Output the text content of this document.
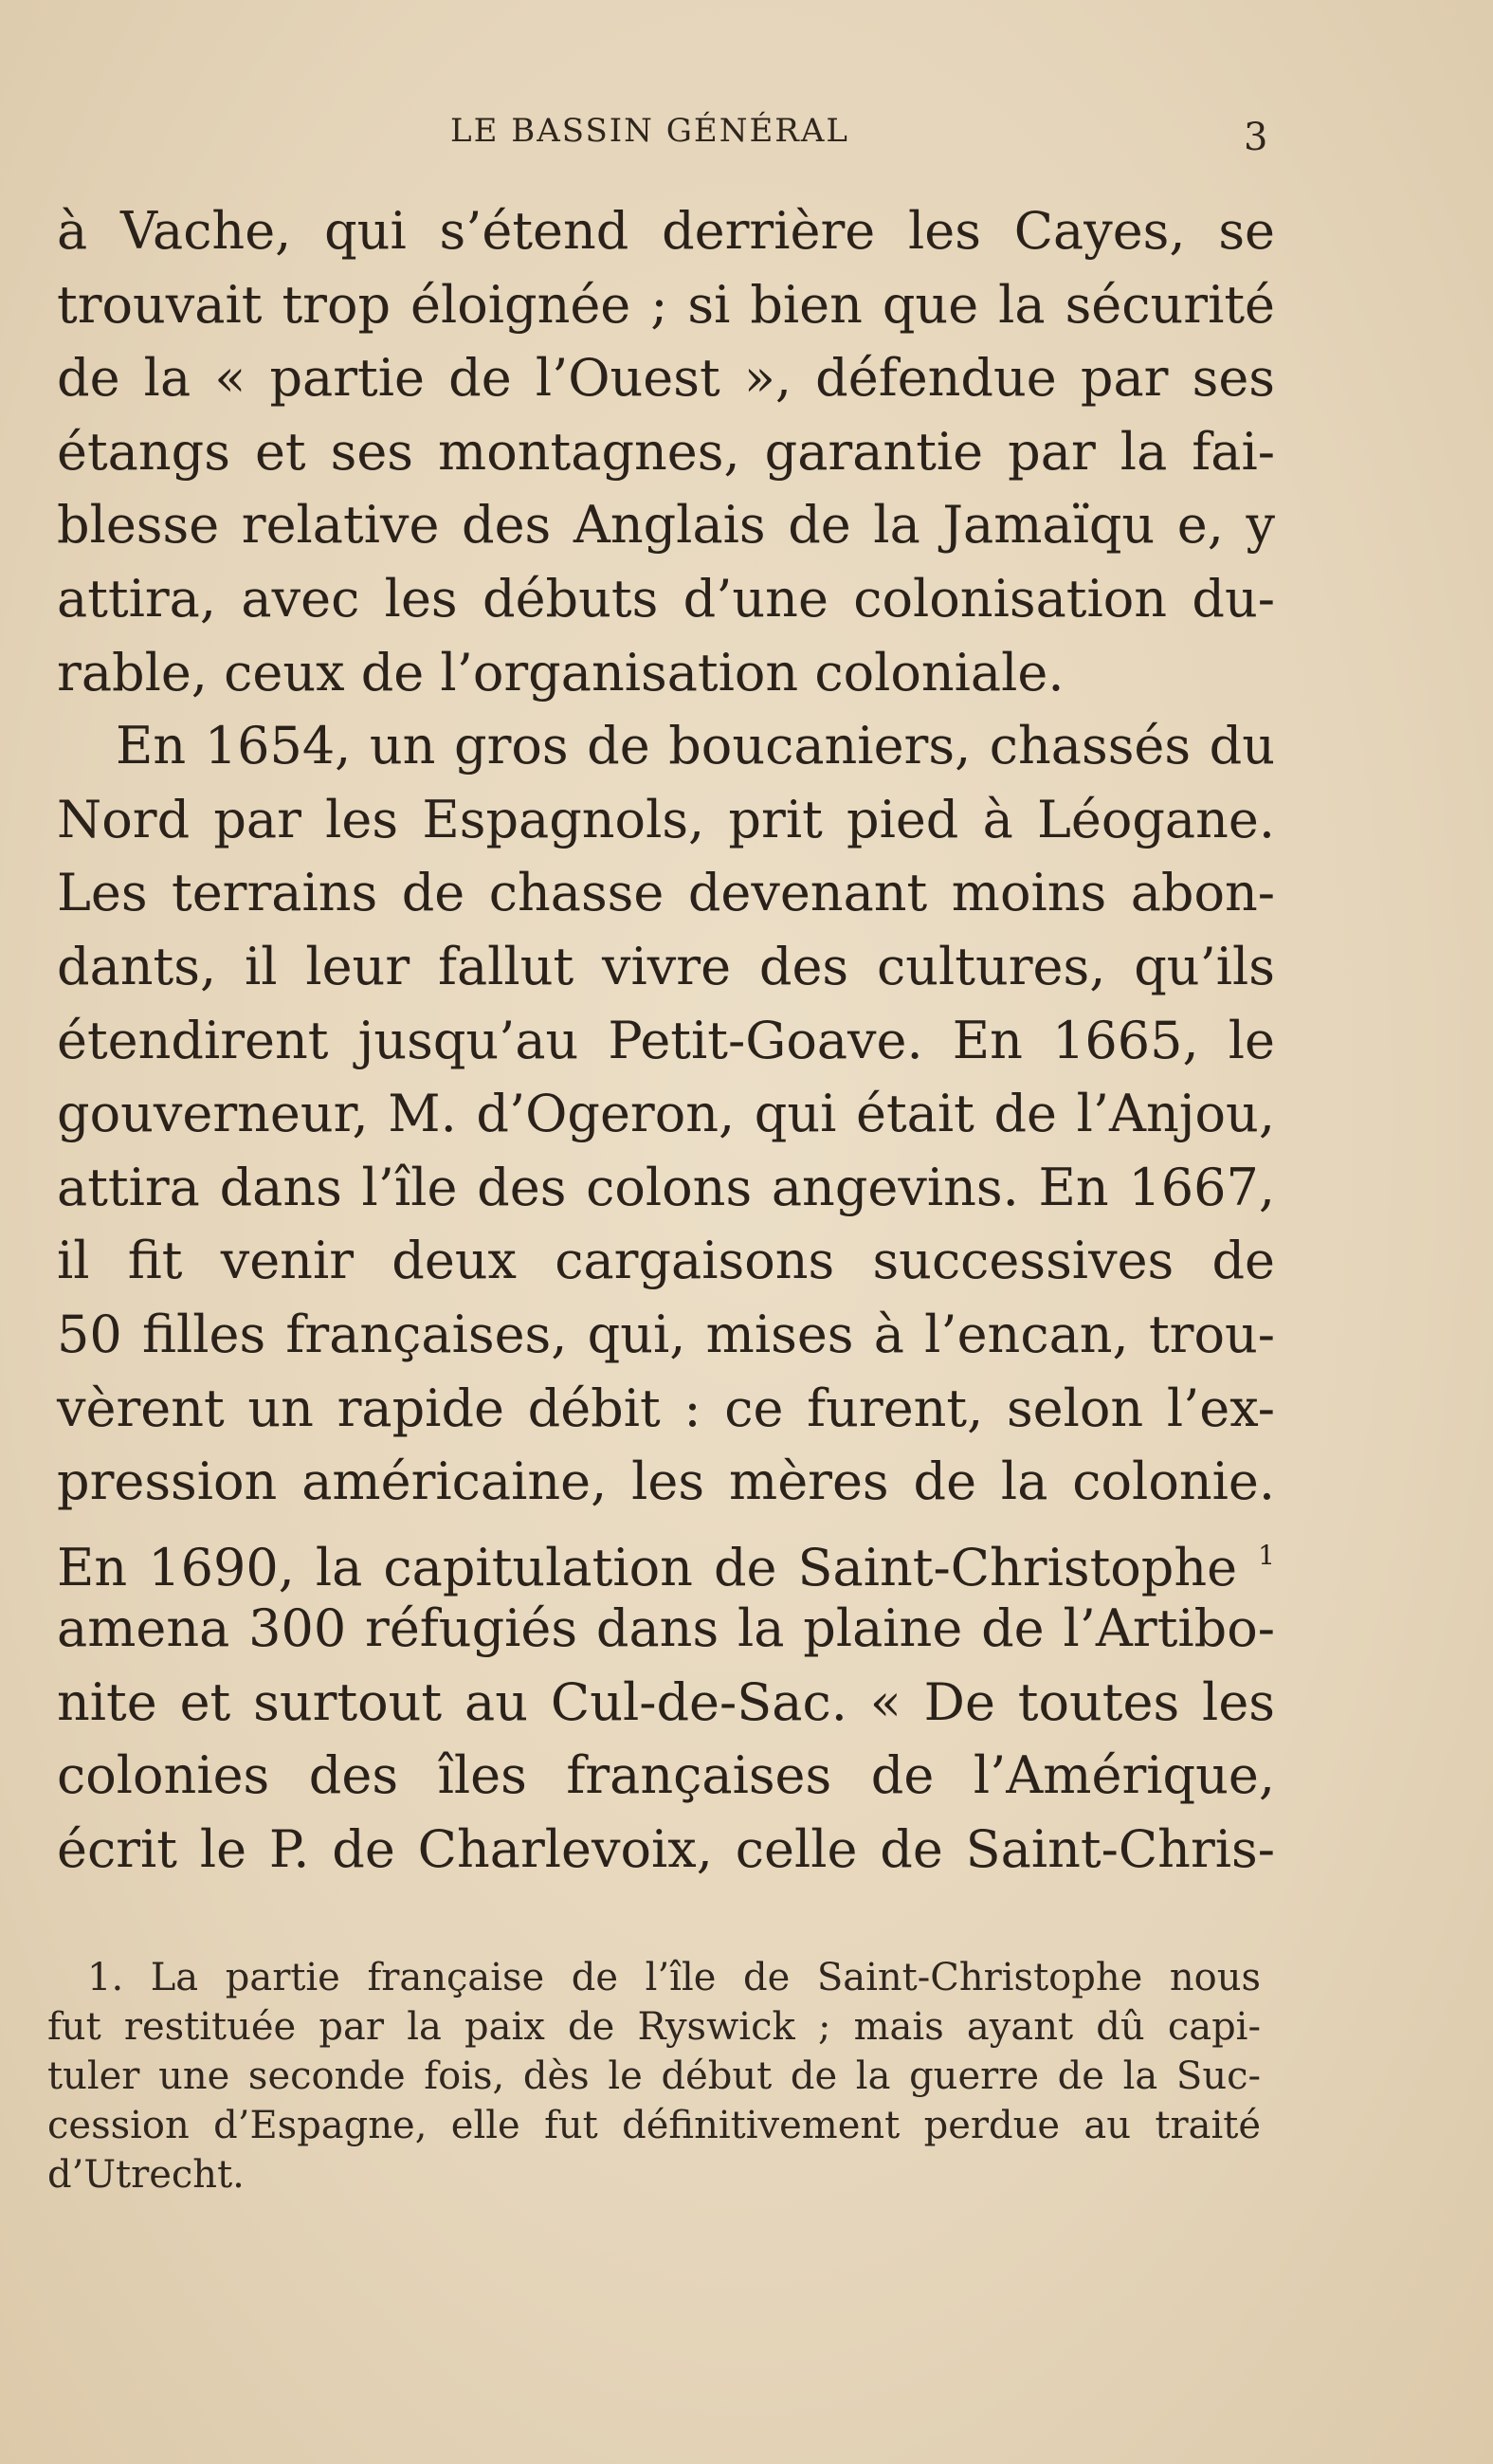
LE BASSIN GÉNÉRAL	3
à Vache, qui s’étend derrière les Cayes, se
trouvait trop éloignée ; si bien que la sécurité
de la « partie de l’Ouest », défendue par ses
étangs et ses montagnes, garantie par la fai-
blesse relative des Anglais de la Jamaïqu e, y
attira, avec les débuts d’une colonisation du-
rable, ceux de l’organisation coloniale.
En 1654, un gros de boucaniers, chassés du
Nord par les Espagnols, prit pied à Léogane.
Les terrains de chasse devenant moins abon-
dants, il leur fallut vivre des cultures, qu’ils
étendirent jusqu’au Petit-Goave. En 1665, le
gouverneur, M. d’Ogeron, qui était de l’Anjou,
attira dans l’île des colons angevins. En 1667,
il fit venir deux cargaisons successives de
50 filles françaises, qui, mises à l’encan, trou-
vèrent un rapide débit : ce furent, selon l’ex-
pression américaine, les mères de la colonie.
En 1690, la capitulation de Saint-Christophe $^1$
amena 300 réfugiés dans la plaine de l’Artibo-
nite et surtout au Cul-de-Sac. « De toutes les
colonies des îles françaises de l’Amérique,
écrit le P. de Charlevoix, celle de Saint-Chris-
1. La partie française de l’île de Saint-Christophe nous
fut restituée par la paix de Ryswick ; mais ayant dû capi-
tuler une seconde fois, dès le début de la guerre de la Suc-
cession d’Espagne, elle fut définitivement perdue au traité
d’Utrecht.
